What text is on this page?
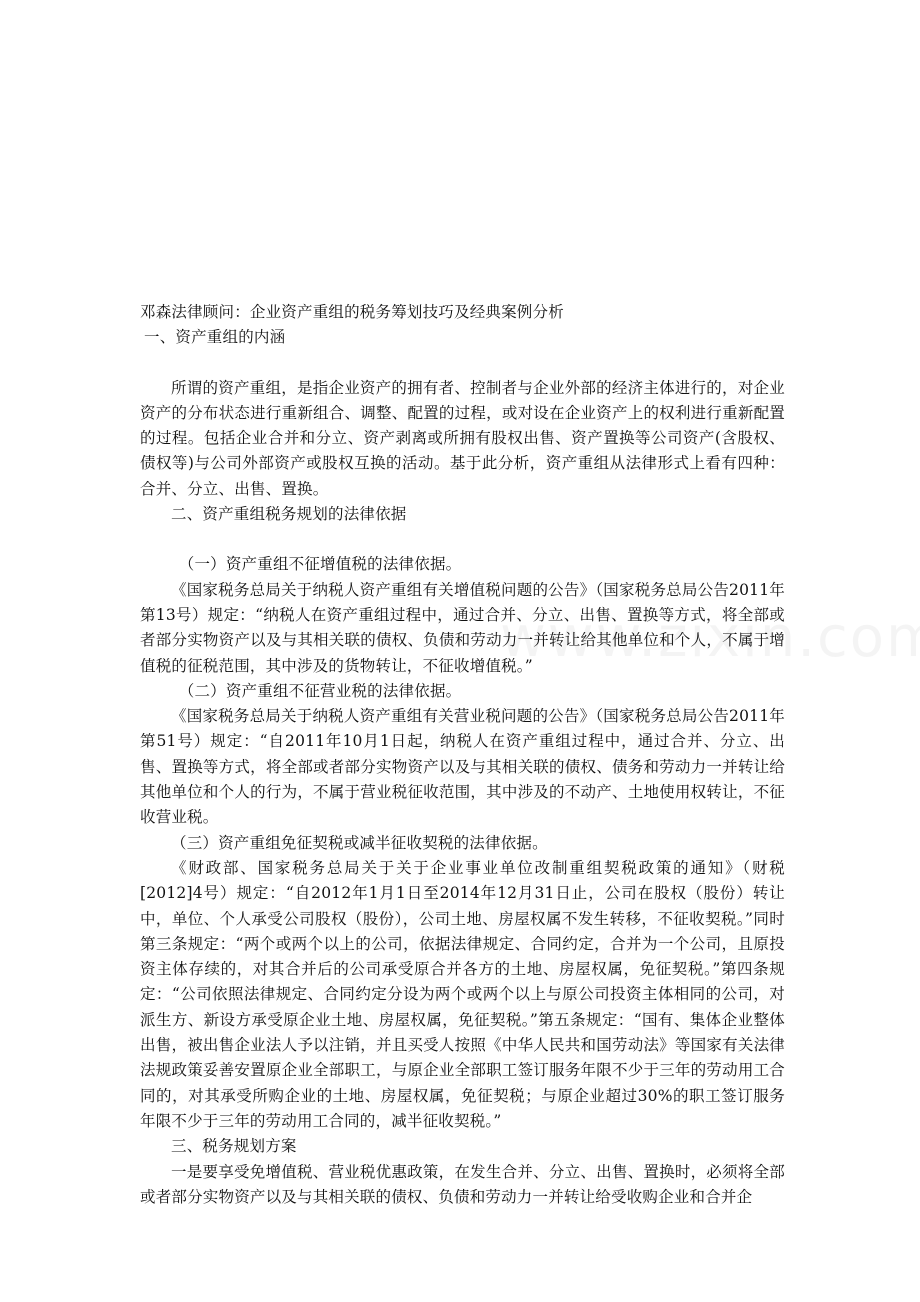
邓森法律顾问：企业资产重组的税务筹划技巧及经典案例分析
一、资产重组的内涵

所谓的资产重组，是指企业资产的拥有者、控制者与企业外部的经济主体进行的，对企业资产的分布状态进行重新组合、调整、配置的过程，或对设在企业资产上的权利进行重新配置的过程。包括企业合并和分立、资产剥离或所拥有股权出售、资产置换等公司资产(含股权、债权等)与公司外部资产或股权互换的活动。基于此分析，资产重组从法律形式上看有四种：合并、分立、出售、置换。

二、资产重组税务规划的法律依据
（一）资产重组不征增值税的法律依据。

《国家税务总局关于纳税人资产重组有关增值税问题的公告》（国家税务总局公告2011年第13号）规定：“纳税人在资产重组过程中，通过合并、分立、出售、置换等方式，将全部或者部分实物资产以及与其相关联的债权、负债和劳动力一并转让给其他单位和个人，不属于增值税的征税范围，其中涉及的货物转让，不征收增值税。”

（二）资产重组不征营业税的法律依据。

《国家税务总局关于纳税人资产重组有关营业税问题的公告》（国家税务总局公告2011年第51号）规定：“自2011年10月1日起，纳税人在资产重组过程中，通过合并、分立、出售、置换等方式，将全部或者部分实物资产以及与其相关联的债权、债务和劳动力一并转让给其他单位和个人的行为，不属于营业税征收范围，其中涉及的不动产、土地使用权转让，不征收营业税。

（三）资产重组免征契税或减半征收契税的法律依据。

《财政部、国家税务总局关于关于企业事业单位改制重组契税政策的通知》（财税[2012]4号）规定：“自2012年1月1日至2014年12月31日止，公司在股权（股份）转让中，单位、个人承受公司股权（股份），公司土地、房屋权属不发生转移，不征收契税。”同时第三条规定：“两个或两个以上的公司，依据法律规定、合同约定，合并为一个公司，且原投资主体存续的，对其合并后的公司承受原合并各方的土地、房屋权属，免征契税。”第四条规定：“公司依照法律规定、合同约定分设为两个或两个以上与原公司投资主体相同的公司，对派生方、新设方承受原企业土地、房屋权属，免征契税。”第五条规定：“国有、集体企业整体出售，被出售企业法人予以注销，并且买受人按照《中华人民共和国劳动法》等国家有关法律法规政策妥善安置原企业全部职工，与原企业全部职工签订服务年限不少于三年的劳动用工合同的，对其承受所购企业的土地、房屋权属，免征契税；与原企业超过30%的职工签订服务年限不少于三年的劳动用工合同的，减半征收契税。”

三、税务规划方案

一是要享受免增值税、营业税优惠政策，在发生合并、分立、出售、置换时，必须将全部或者部分实物资产以及与其相关联的债权、负债和劳动力一并转让给受收购企业和合并企
